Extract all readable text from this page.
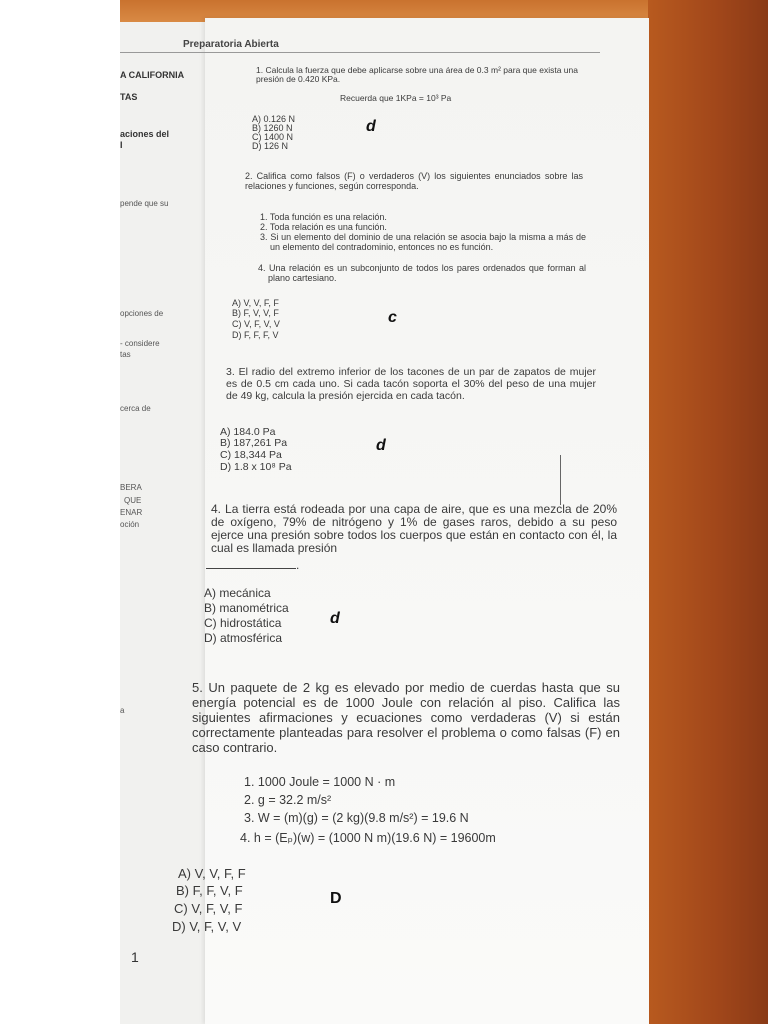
Preparatoria Abierta
A CALIFORNIA
TAS
aciones del
I
pende que su
opciones de
- considere
tas
cerca de
BERA
QUE
ENAR
oción
a
1. Calcula la fuerza que debe aplicarse sobre una área de 0.3 m² para que exista una presión de 0.420 KPa.
Recuerda que 1KPa = 10³ Pa
A) 0.126 N
B) 1260 N
C) 1400 N
D) 126 N
d
2. Califica como falsos (F) o verdaderos (V) los siguientes enunciados sobre las relaciones y funciones, según corresponda.
1. Toda función es una relación.
2. Toda relación es una función.
3. Si un elemento del dominio de una relación se asocia bajo la misma a más de un elemento del contradominio, entonces no es función.
4. Una relación es un subconjunto de todos los pares ordenados que forman al plano cartesiano.
A) V, V, F, F
B) F, V, V, F
C) V, F, V, V
D) F, F, F, V
c
3. El radio del extremo inferior de los tacones de un par de zapatos de mujer es de 0.5 cm cada uno. Si cada tacón soporta el 30% del peso de una mujer de 49 kg, calcula la presión ejercida en cada tacón.
A) 184.0 Pa
B) 187,261 Pa
C) 18,344 Pa
D) 1.8 x 10⁸ Pa
d
4. La tierra está rodeada por una capa de aire, que es una mezcla de 20% de oxígeno, 79% de nitrógeno y 1% de gases raros, debido a su peso ejerce una presión sobre todos los cuerpos que están en contacto con él, la cual es llamada presión
.
A) mecánica
B) manométrica
C) hidrostática
D) atmosférica
d
5. Un paquete de 2 kg es elevado por medio de cuerdas hasta que su energía potencial es de 1000 Joule con relación al piso. Califica las siguientes afirmaciones y ecuaciones como verdaderas (V) si están correctamente planteadas para resolver el problema o como falsas (F) en caso contrario.
1. 1000 Joule = 1000 N · m
2. g = 32.2 m/s²
3. W = (m)(g) = (2 kg)(9.8 m/s²) = 19.6 N
4. h = (Eₚ)(w) = (1000 N m)(19.6 N) = 19600m
A) V, V, F, F
B) F, F, V, F
C) V, F, V, F
D) V, F, V, V
D
1
